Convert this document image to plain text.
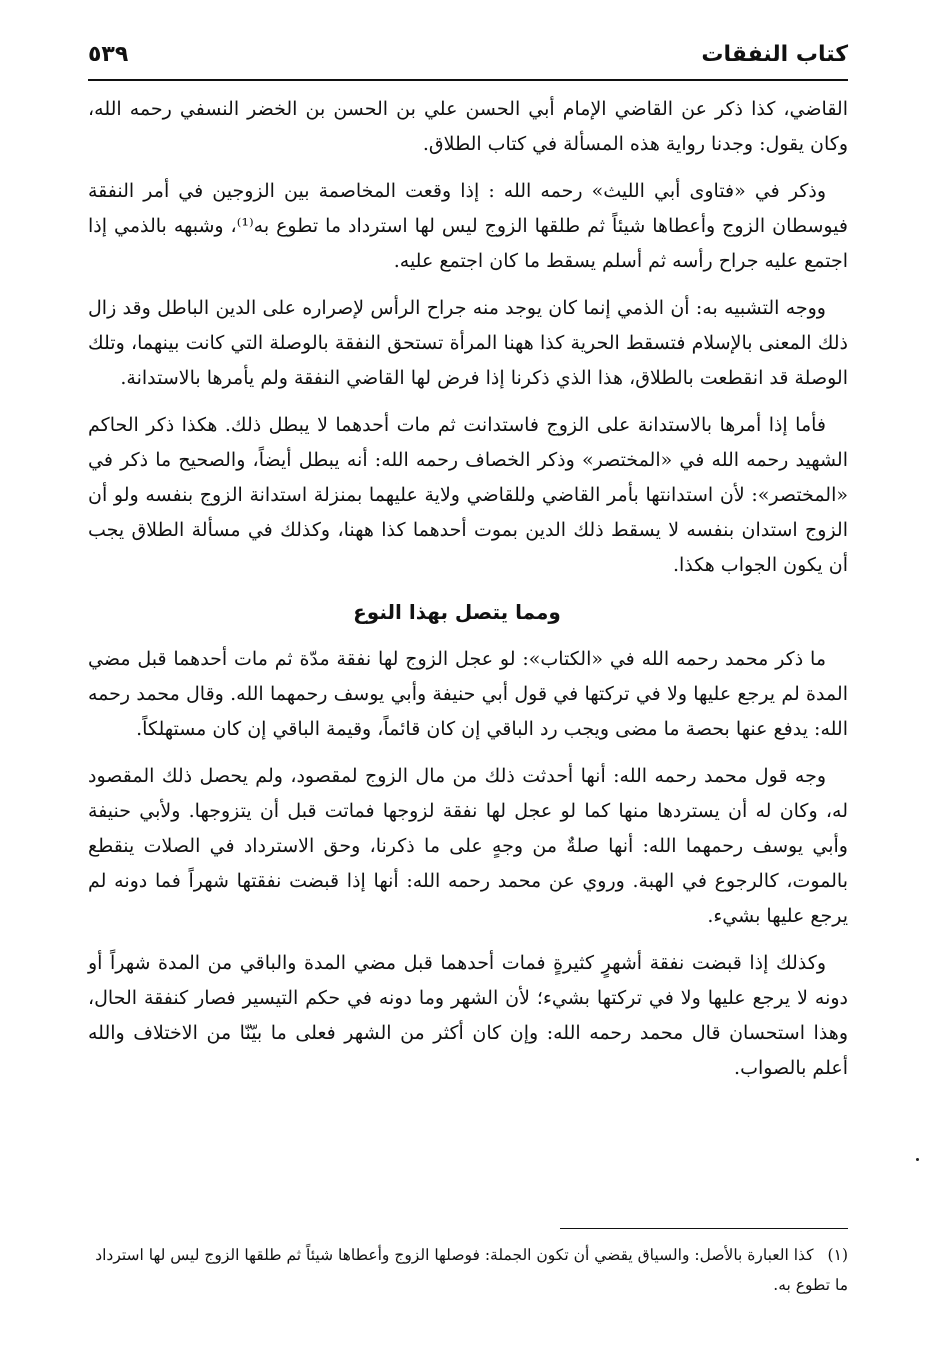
كتاب النفقات
٥٣٩

القاضي، كذا ذكر عن القاضي الإمام أبي الحسن علي بن الحسن بن الخضر النسفي رحمه الله، وكان يقول: وجدنا رواية هذه المسألة في كتاب الطلاق.

وذكر في «فتاوى أبي الليث» رحمه الله : إذا وقعت المخاصمة بين الزوجين في أمر النفقة فيوسطان الزوج وأعطاها شيئاً ثم طلقها الزوج ليس لها استرداد ما تطوع به⁽¹⁾، وشبهه بالذمي إذا اجتمع عليه جراح رأسه ثم أسلم يسقط ما كان اجتمع عليه.

ووجه التشبيه به: أن الذمي إنما كان يوجد منه جراح الرأس لإصراره على الدين الباطل وقد زال ذلك المعنى بالإسلام فتسقط الحرية كذا ههنا المرأة تستحق النفقة بالوصلة التي كانت بينهما، وتلك الوصلة قد انقطعت بالطلاق، هذا الذي ذكرنا إذا فرض لها القاضي النفقة ولم يأمرها بالاستدانة.

فأما إذا أمرها بالاستدانة على الزوج فاستدانت ثم مات أحدهما لا يبطل ذلك. هكذا ذكر الحاكم الشهيد رحمه الله في «المختصر» وذكر الخصاف رحمه الله: أنه يبطل أيضاً، والصحيح ما ذكر في «المختصر»: لأن استدانتها بأمر القاضي وللقاضي ولاية عليهما بمنزلة استدانة الزوج بنفسه ولو أن الزوج استدان بنفسه لا يسقط ذلك الدين بموت أحدهما كذا ههنا، وكذلك في مسألة الطلاق يجب أن يكون الجواب هكذا.

ومما يتصل بهذا النوع

ما ذكر محمد رحمه الله في «الكتاب»: لو عجل الزوج لها نفقة مدّة ثم مات أحدهما قبل مضي المدة لم يرجع عليها ولا في تركتها في قول أبي حنيفة وأبي يوسف رحمهما الله. وقال محمد رحمه الله: يدفع عنها بحصة ما مضى ويجب رد الباقي إن كان قائماً، وقيمة الباقي إن كان مستهلكاً.

وجه قول محمد رحمه الله: أنها أحدثت ذلك من مال الزوج لمقصود، ولم يحصل ذلك المقصود له، وكان له أن يستردها منها كما لو عجل لها نفقة لزوجها فماتت قبل أن يتزوجها. ولأبي حنيفة وأبي يوسف رحمهما الله: أنها صلةٌ من وجهٍ على ما ذكرنا، وحق الاسترداد في الصلات ينقطع بالموت، كالرجوع في الهبة. وروي عن محمد رحمه الله: أنها إذا قبضت نفقتها شهراً فما دونه لم يرجع عليها بشيء.

وكذلك إذا قبضت نفقة أشهرٍ كثيرةٍ فمات أحدهما قبل مضي المدة والباقي من المدة شهراً أو دونه لا يرجع عليها ولا في تركتها بشيء؛ لأن الشهر وما دونه في حكم التيسير فصار كنفقة الحال، وهذا استحسان قال محمد رحمه الله: وإن كان أكثر من الشهر فعلى ما بيّنّا من الاختلاف والله أعلم بالصواب.

(١)كذا العبارة بالأصل: والسياق يقضي أن تكون الجملة: فوصلها الزوج وأعطاها شيئاً ثم طلقها الزوج ليس لها استرداد ما تطوع به.
